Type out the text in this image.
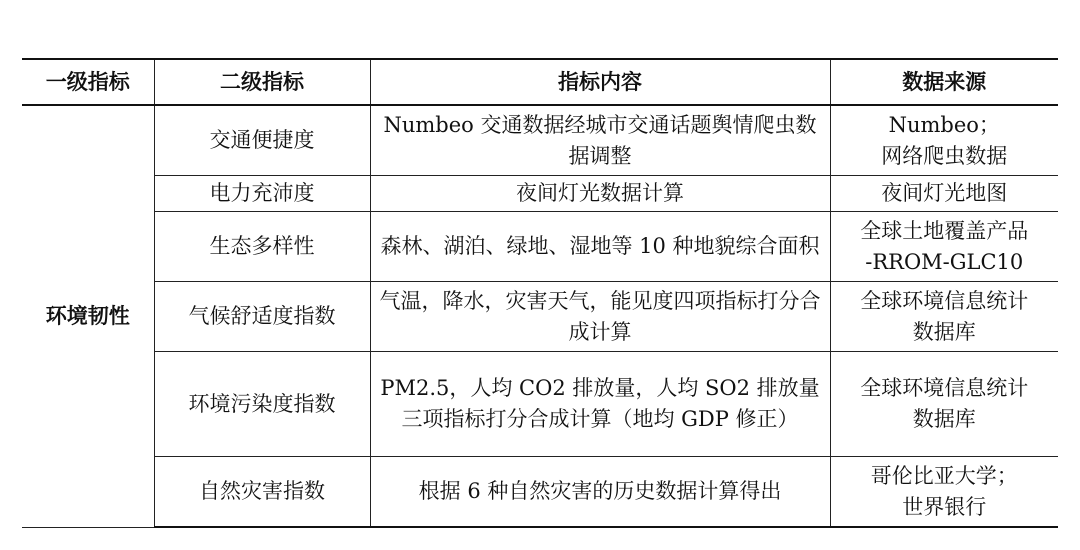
一级指标	二级指标	指标内容	数据来源
环境韧性	交通便捷度	Numbeo 交通数据经城市交通话题舆情爬虫数据调整	Numbeo；
网络爬虫数据

	电力充沛度	夜间灯光数据计算	夜间灯光地图

	生态多样性	森林、湖泊、绿地、湿地等 10 种地貌综合面积	全球土地覆盖产品
-RROM-GLC10

	气候舒适度指数	气温，降水，灾害天气，能见度四项指标打分合成计算	全球环境信息统计
数据库

	环境污染度指数	PM2.5，人均 CO2 排放量，人均 SO2 排放量三项指标打分合成计算（地均 GDP 修正）	全球环境信息统计
数据库

	自然灾害指数	根据 6 种自然灾害的历史数据计算得出	哥伦比亚大学；
世界银行
